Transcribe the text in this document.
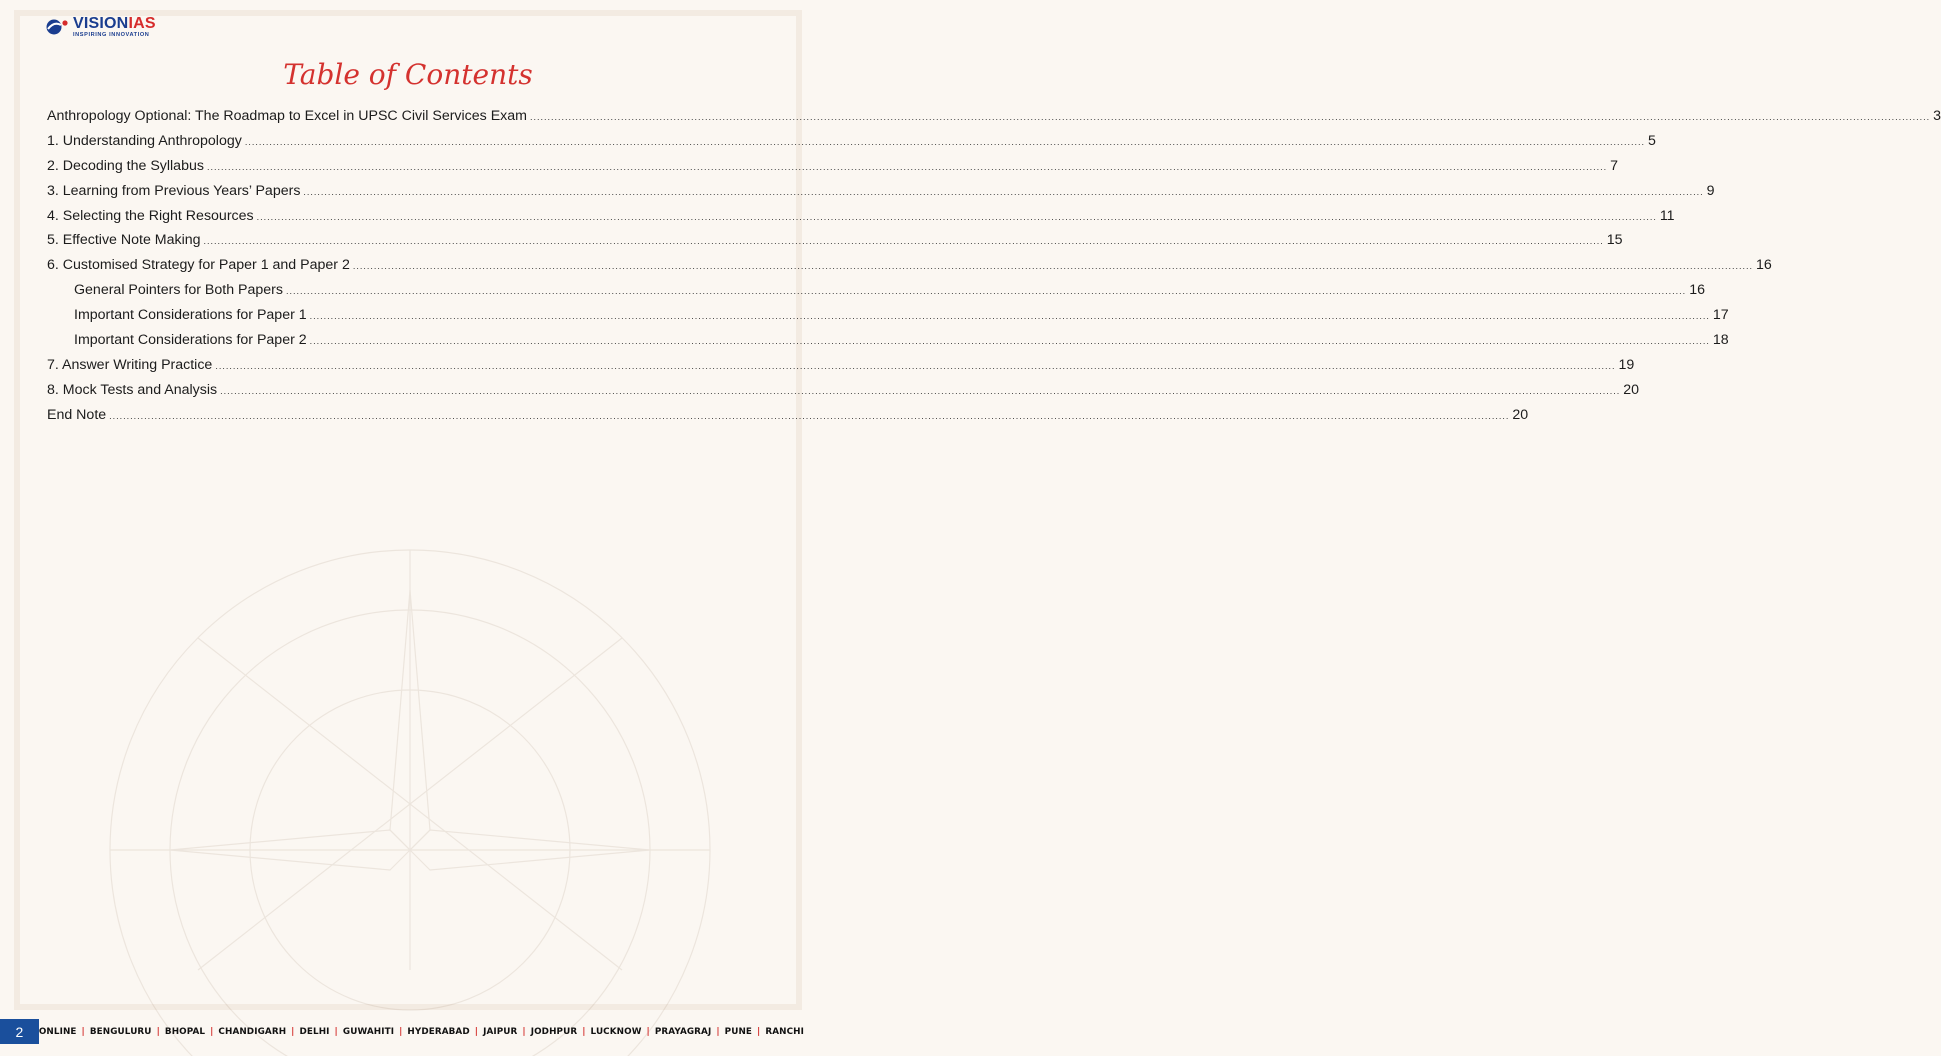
VISIONIAS
INSPIRING INNOVATION
Table of Contents
Anthropology Optional: The Roadmap to Excel in UPSC Civil Services Exam ................................................................................................................................................................................................................................................................................................................................................................................................................ 3
1. Understanding Anthropology ................................................................................................................................................................................................................................................................................................................................................................................................................ 5
2. Decoding the Syllabus ................................................................................................................................................................................................................................................................................................................................................................................................................ 7
3. Learning from Previous Years’ Papers ................................................................................................................................................................................................................................................................................................................................................................................................................ 9
4. Selecting the Right Resources ................................................................................................................................................................................................................................................................................................................................................................................................................ 11
5. Effective Note Making ................................................................................................................................................................................................................................................................................................................................................................................................................ 15
6. Customised Strategy for Paper 1 and Paper 2 ................................................................................................................................................................................................................................................................................................................................................................................................................ 16
General Pointers for Both Papers ................................................................................................................................................................................................................................................................................................................................................................................................................ 16
Important Considerations for Paper 1 ................................................................................................................................................................................................................................................................................................................................................................................................................ 17
Important Considerations for Paper 2 ................................................................................................................................................................................................................................................................................................................................................................................................................ 18
7. Answer Writing Practice ................................................................................................................................................................................................................................................................................................................................................................................................................ 19
8. Mock Tests and Analysis ................................................................................................................................................................................................................................................................................................................................................................................................................ 20
End Note ................................................................................................................................................................................................................................................................................................................................................................................................................ 20
2	ONLINE | BENGULURU | BHOPAL | CHANDIGARH | DELHI | GUWAHITI | HYDERABAD | JAIPUR | JODHPUR | LUCKNOW | PRAYAGRAJ | PUNE | RANCHI
